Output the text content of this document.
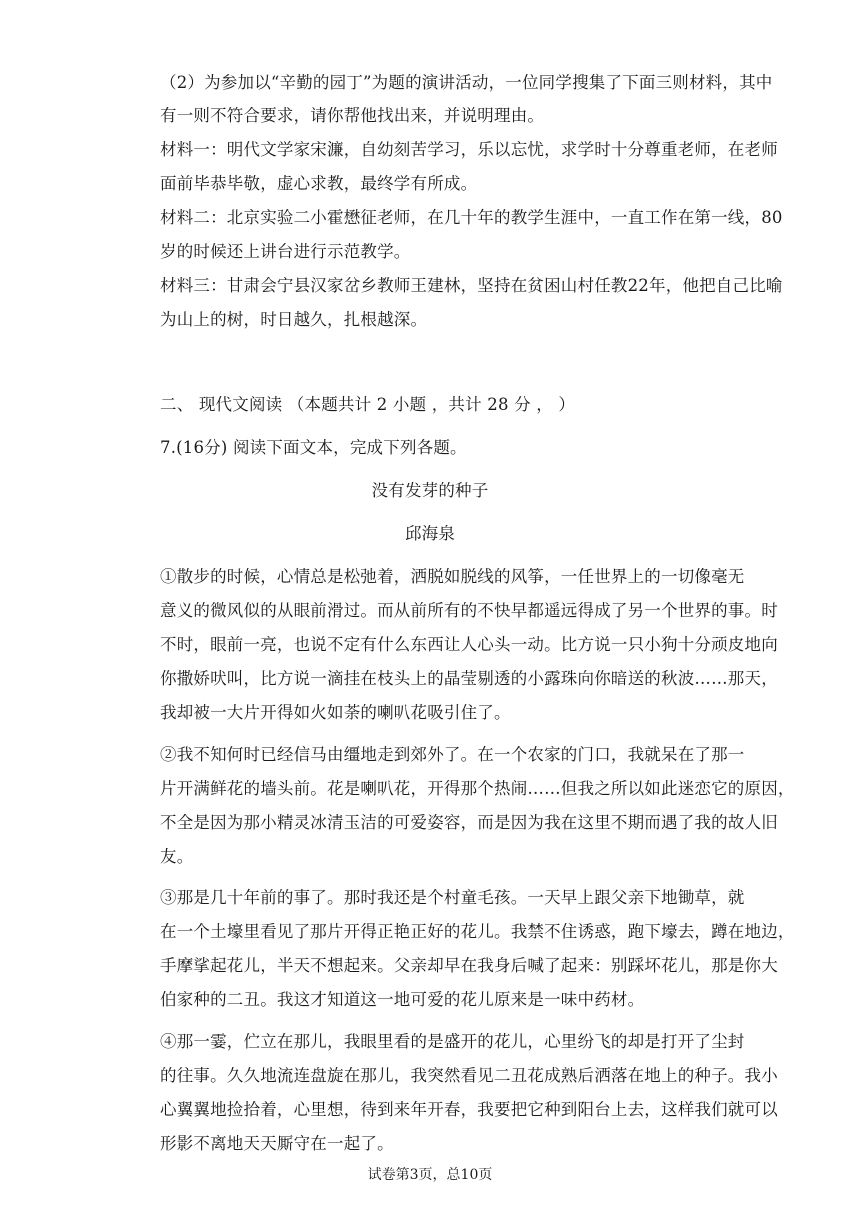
（2）为参加以“辛勤的园丁”为题的演讲活动，一位同学搜集了下面三则材料，其中
有一则不符合要求，请你帮他找出来，并说明理由。
材料一：明代文学家宋濂，自幼刻苦学习，乐以忘忧，求学时十分尊重老师，在老师
面前毕恭毕敬，虚心求教，最终学有所成。
材料二：北京实验二小霍懋征老师，在几十年的教学生涯中，一直工作在第一线，80
岁的时候还上讲台进行示范教学。
材料三：甘肃会宁县汉家岔乡教师王建林，坚持在贫困山村任教22年，他把自己比喻
为山上的树，时日越久，扎根越深。
二、 现代文阅读 （本题共计 2 小题 ，共计 28 分 ， ）
7.(16分) 阅读下面文本，完成下列各题。
没有发芽的种子
邱海泉
①散步的时候，心情总是松弛着，洒脱如脱线的风筝，一任世界上的一切像毫无
意义的微风似的从眼前滑过。而从前所有的不快早都遥远得成了另一个世界的事。时
不时，眼前一亮，也说不定有什么东西让人心头一动。比方说一只小狗十分顽皮地向
你撒娇吠叫，比方说一滴挂在枝头上的晶莹剔透的小露珠向你暗送的秋波……那天，
我却被一大片开得如火如荼的喇叭花吸引住了。
②我不知何时已经信马由缰地走到郊外了。在一个农家的门口，我就呆在了那一
片开满鲜花的墙头前。花是喇叭花，开得那个热闹……但我之所以如此迷恋它的原因，
不全是因为那小精灵冰清玉洁的可爱姿容，而是因为我在这里不期而遇了我的故人旧
友。
③那是几十年前的事了。那时我还是个村童毛孩。一天早上跟父亲下地锄草，就
在一个土壕里看见了那片开得正艳正好的花儿。我禁不住诱惑，跑下壕去，蹲在地边，
手摩挲起花儿，半天不想起来。父亲却早在我身后喊了起来：别踩坏花儿，那是你大
伯家种的二丑。我这才知道这一地可爱的花儿原来是一味中药材。
④那一霎，伫立在那儿，我眼里看的是盛开的花儿，心里纷飞的却是打开了尘封
的往事。久久地流连盘旋在那儿，我突然看见二丑花成熟后洒落在地上的种子。我小
心翼翼地捡拾着，心里想，待到来年开春，我要把它种到阳台上去，这样我们就可以
形影不离地天天厮守在一起了。
试卷第3页，总10页
